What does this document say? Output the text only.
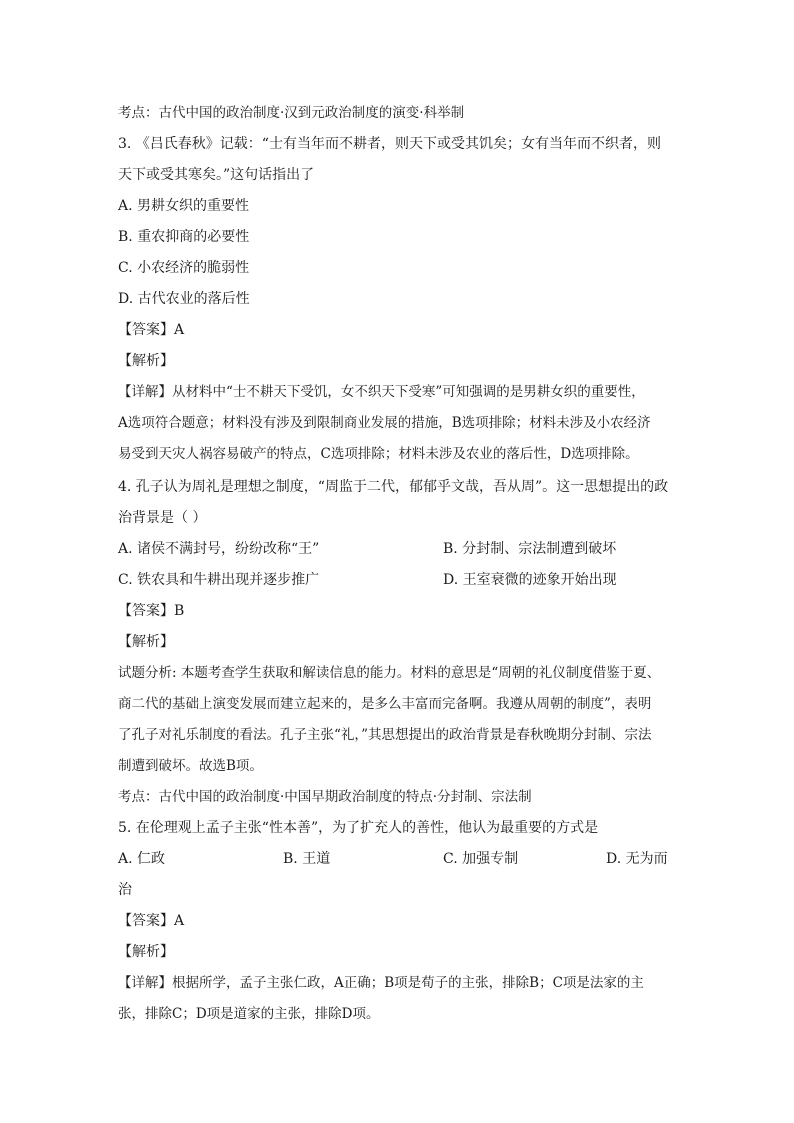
考点：古代中国的政治制度·汉到元政治制度的演变·科举制
3. 《吕氏春秋》记载：“士有当年而不耕者，则天下或受其饥矣；女有当年而不织者，则
天下或受其寒矣。”这句话指出了
A. 男耕女织的重要性
B. 重农抑商的必要性
C. 小农经济的脆弱性
D. 古代农业的落后性
【答案】A
【解析】
【详解】从材料中“士不耕天下受饥，女不织天下受寒”可知强调的是男耕女织的重要性，
A选项符合题意；材料没有涉及到限制商业发展的措施，B选项排除；材料未涉及小农经济
易受到天灾人祸容易破产的特点，C选项排除；材料未涉及农业的落后性，D选项排除。
4. 孔子认为周礼是理想之制度，“周监于二代，郁郁乎文哉，吾从周”。这一思想提出的政
治背景是（ ）
A. 诸侯不满封号，纷纷改称“王”	B. 分封制、宗法制遭到破坏
C. 铁农具和牛耕出现并逐步推广	D. 王室衰微的迹象开始出现
【答案】B
【解析】
试题分析: 本题考查学生获取和解读信息的能力。材料的意思是“周朝的礼仪制度借鉴于夏、
商二代的基础上演变发展而建立起来的，是多么丰富而完备啊。我遵从周朝的制度”，表明
了孔子对礼乐制度的看法。孔子主张“礼，”其思想提出的政治背景是春秋晚期分封制、宗法
制遭到破坏。故选B项。
考点：古代中国的政治制度·中国早期政治制度的特点·分封制、宗法制
5. 在伦理观上孟子主张“性本善”，为了扩充人的善性，他认为最重要的方式是
A. 仁政	B. 王道	C. 加强专制	D. 无为而
治
【答案】A
【解析】
【详解】根据所学，孟子主张仁政，A正确；B项是荀子的主张，排除B；C项是法家的主
张，排除C；D项是道家的主张，排除D项。
